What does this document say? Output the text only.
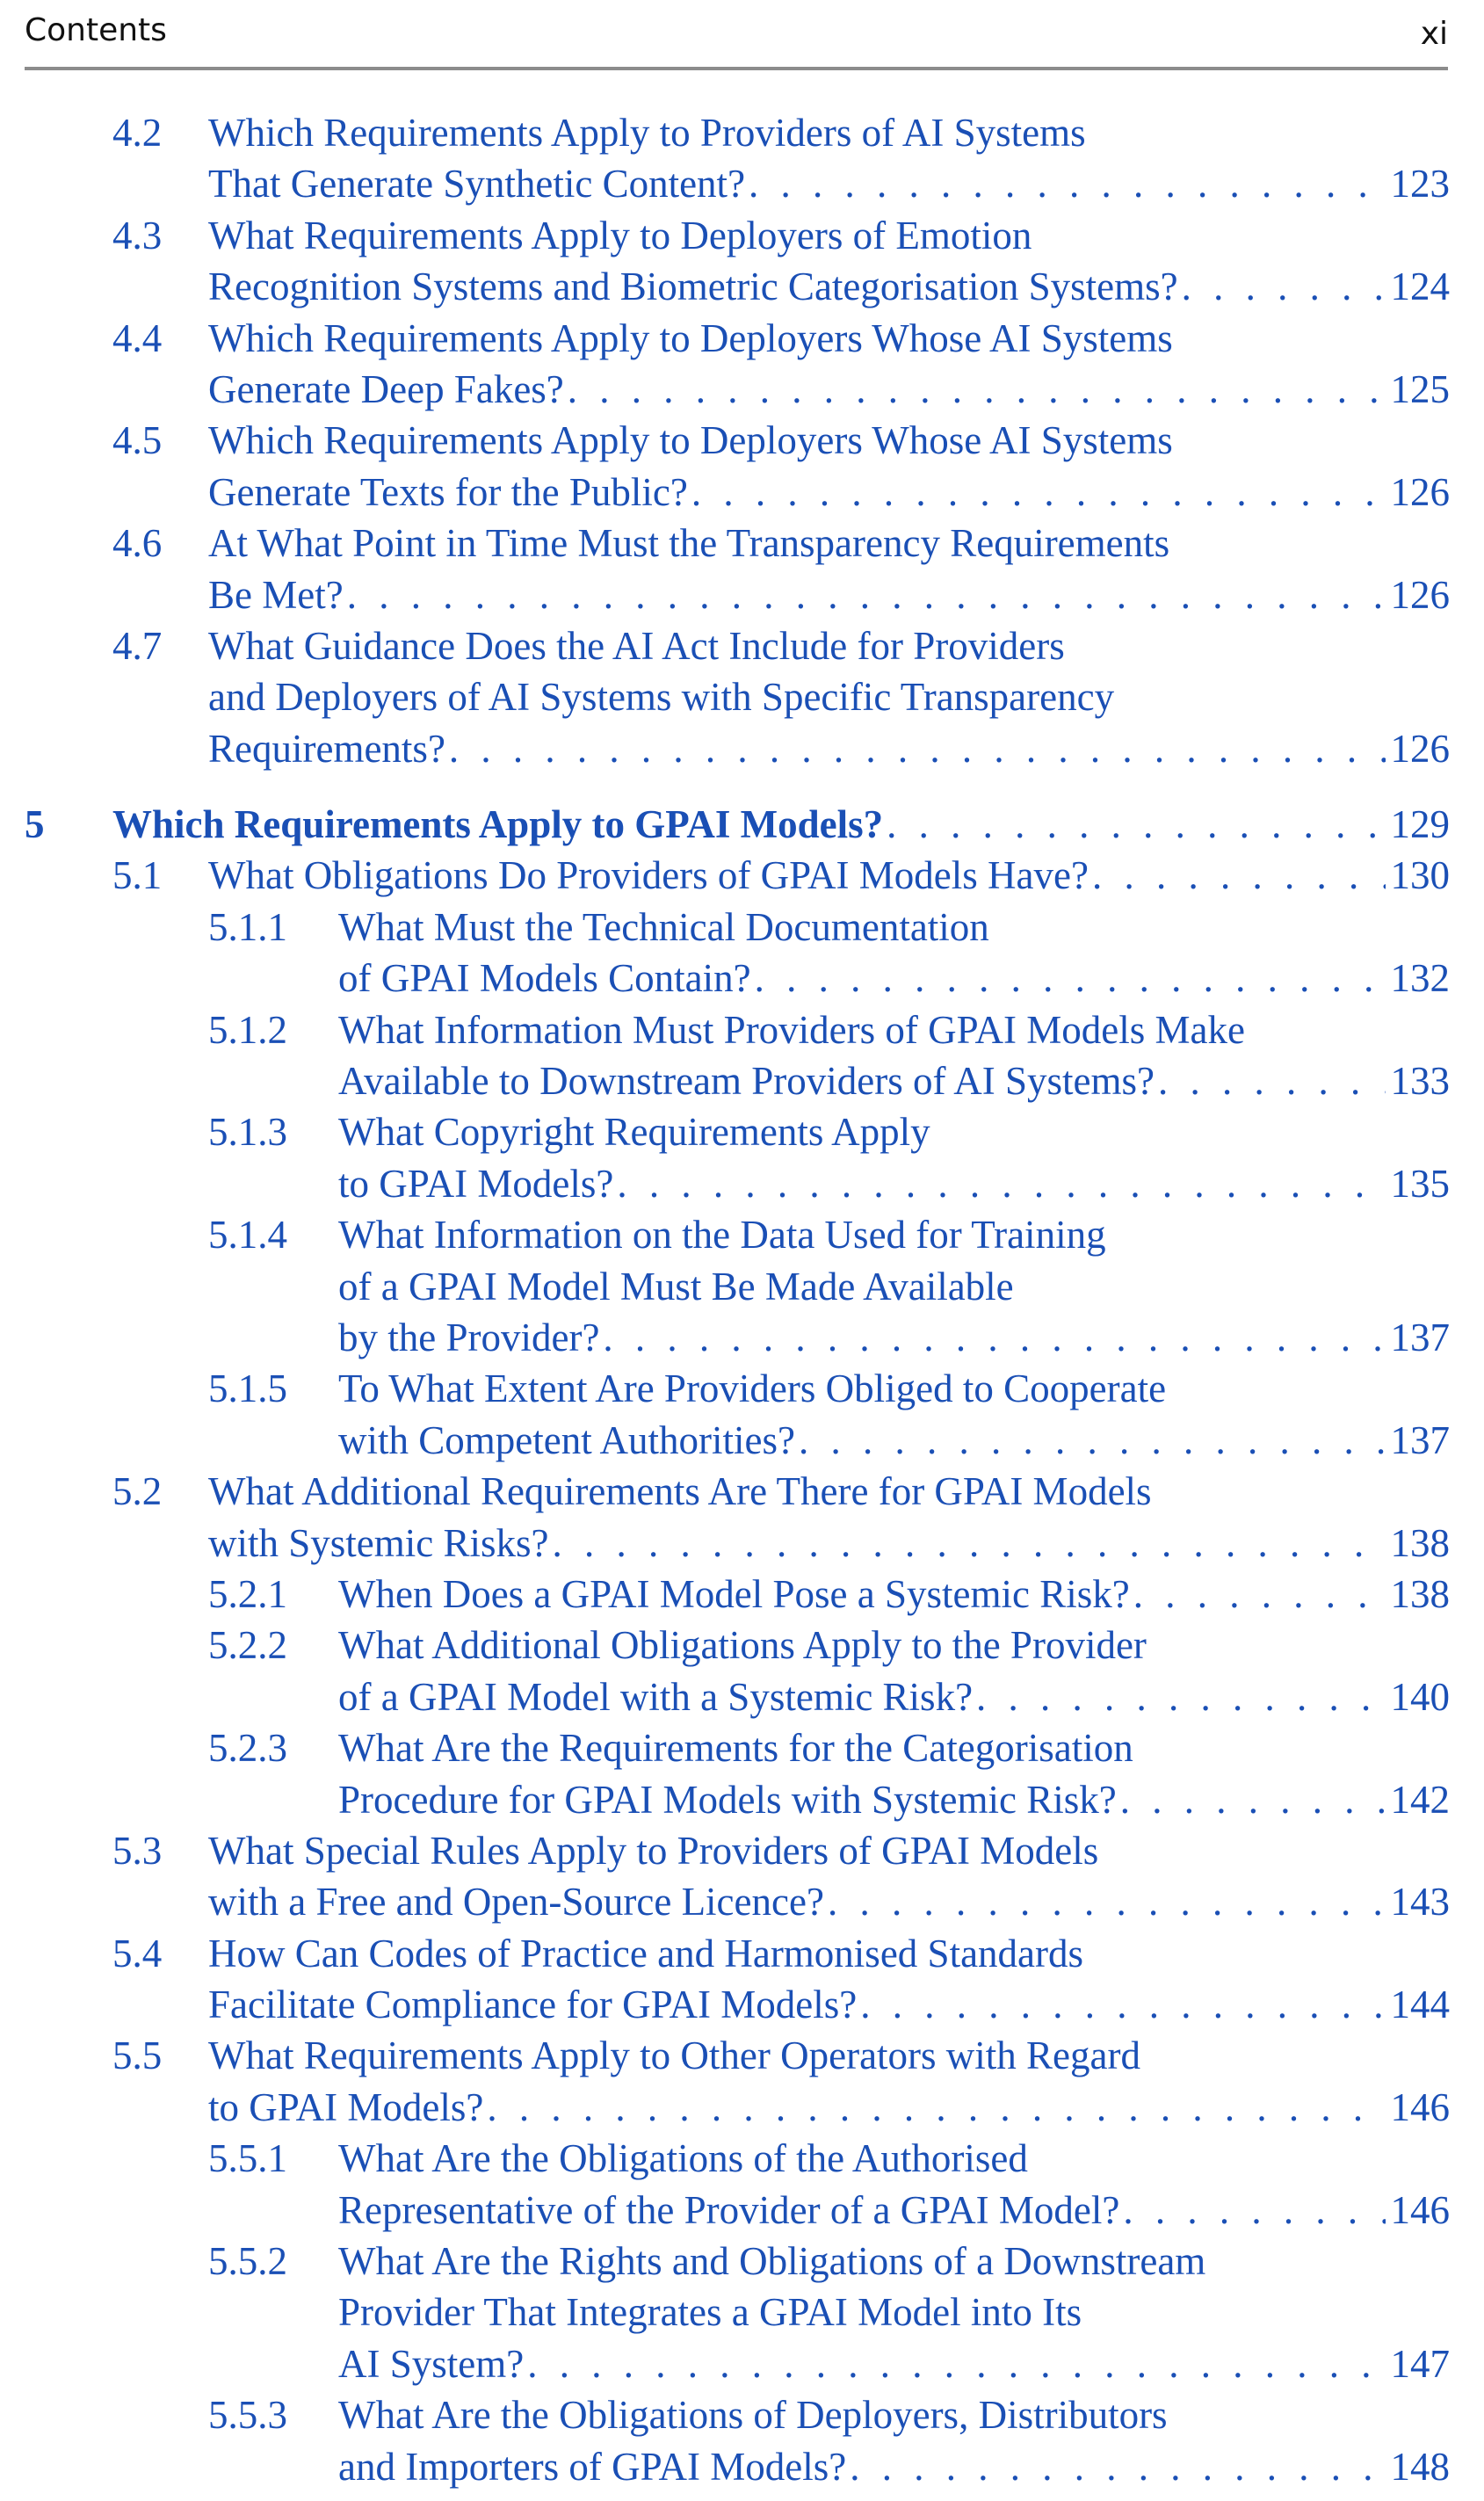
Contents	xi
4.2 Which Requirements Apply to Providers of AI Systems
That Generate Synthetic Content? . . .	123
4.3 What Requirements Apply to Deployers of Emotion
Recognition Systems and Biometric Categorisation Systems? . . .	124
4.4 Which Requirements Apply to Deployers Whose AI Systems
Generate Deep Fakes? . . .	125
4.5 Which Requirements Apply to Deployers Whose AI Systems
Generate Texts for the Public? . . .	126
4.6 At What Point in Time Must the Transparency Requirements
Be Met? . . .	126
4.7 What Guidance Does the AI Act Include for Providers
and Deployers of AI Systems with Specific Transparency
Requirements? . . .	126
5 Which Requirements Apply to GPAI Models? . . .	129
5.1 What Obligations Do Providers of GPAI Models Have? . . .	130
5.1.1 What Must the Technical Documentation
of GPAI Models Contain? . . .	132
5.1.2 What Information Must Providers of GPAI Models Make
Available to Downstream Providers of AI Systems? . . .	133
5.1.3 What Copyright Requirements Apply
to GPAI Models? . . .	135
5.1.4 What Information on the Data Used for Training
of a GPAI Model Must Be Made Available
by the Provider? . . .	137
5.1.5 To What Extent Are Providers Obliged to Cooperate
with Competent Authorities? . . .	137
5.2 What Additional Requirements Are There for GPAI Models
with Systemic Risks? . . .	138
5.2.1 When Does a GPAI Model Pose a Systemic Risk? . . .	138
5.2.2 What Additional Obligations Apply to the Provider
of a GPAI Model with a Systemic Risk? . . .	140
5.2.3 What Are the Requirements for the Categorisation
Procedure for GPAI Models with Systemic Risk? . . .	142
5.3 What Special Rules Apply to Providers of GPAI Models
with a Free and Open-Source Licence? . . .	143
5.4 How Can Codes of Practice and Harmonised Standards
Facilitate Compliance for GPAI Models? . . .	144
5.5 What Requirements Apply to Other Operators with Regard
to GPAI Models? . . .	146
5.5.1 What Are the Obligations of the Authorised
Representative of the Provider of a GPAI Model? . . .	146
5.5.2 What Are the Rights and Obligations of a Downstream
Provider That Integrates a GPAI Model into Its
AI System? . . .	147
5.5.3 What Are the Obligations of Deployers, Distributors
and Importers of GPAI Models? . . .	148
